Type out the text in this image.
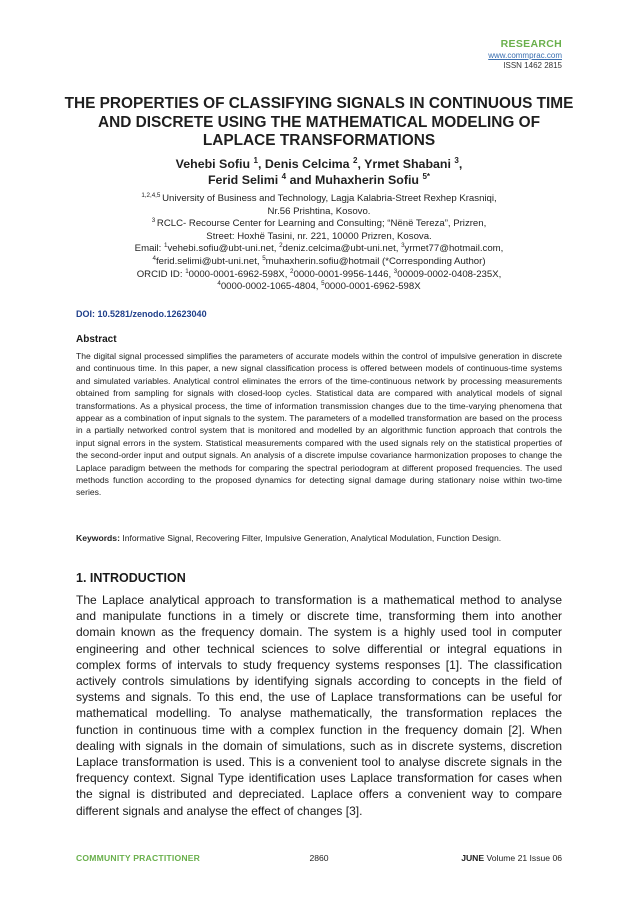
RESEARCH
www.commprac.com
ISSN 1462 2815
THE PROPERTIES OF CLASSIFYING SIGNALS IN CONTINUOUS TIME AND DISCRETE USING THE MATHEMATICAL MODELING OF LAPLACE TRANSFORMATIONS
Vehebi Sofiu $^1$, Denis Celcima $^2$, Yrmet Shabani $^3$,
Ferid Selimi $^4$ and Muhaxherin Sofiu $^{5*}$
$^{1,2,4,5}$ University of Business and Technology, Lagja Kalabria-Street Rexhep Krasniqi,
Nr.56 Prishtina, Kosovo.
$^3$ RCLC- Recourse Center for Learning and Consulting; “Nënë Tereza”, Prizren,
Street: Hoxhë Tasini, nr. 221, 10000 Prizren, Kosova.
Email: $^1$vehebi.sofiu@ubt-uni.net, $^2$deniz.celcima@ubt-uni.net, $^3$yrmet77@hotmail.com,
$^4$ferid.selimi@ubt-uni.net, $^5$muhaxherin.sofiu@hotmail (*Corresponding Author)
ORCID ID: $^1$0000-0001-6962-598X, $^2$0000-0001-9956-1446, $^3$00009-0002-0408-235X,
$^4$0000-0002-1065-4804, $^5$0000-0001-6962-598X
DOI: 10.5281/zenodo.12623040
Abstract
The digital signal processed simplifies the parameters of accurate models within the control of impulsive generation in discrete and continuous time. In this paper, a new signal classification process is offered between models of continuous-time systems and simulated variables. Analytical control eliminates the errors of the time-continuous network by processing measurements obtained from sampling for signals with closed-loop cycles. Statistical data are compared with analytical models of signal transformations. As a physical process, the time of information transmission changes due to the time-varying phenomena that appear as a combination of input signals to the system. The parameters of a modelled transformation are based on the process in a partially networked control system that is monitored and modelled by an algorithmic function approach that controls the input signal errors in the system. Statistical measurements compared with the used signals rely on the statistical properties of the second-order input and output signals. An analysis of a discrete impulse covariance harmonization proposes to change the Laplace paradigm between the methods for comparing the spectral periodogram at different proposed frequencies. The used methods function according to the proposed dynamics for detecting signal damage during stationary noise within two-time series.
Keywords: Informative Signal, Recovering Filter, Impulsive Generation, Analytical Modulation, Function Design.
1. INTRODUCTION
The Laplace analytical approach to transformation is a mathematical method to analyse and manipulate functions in a timely or discrete time, transforming them into another domain known as the frequency domain. The system is a highly used tool in computer engineering and other technical sciences to solve differential or integral equations in complex forms of intervals to study frequency systems responses [1]. The classification actively controls simulations by identifying signals according to concepts in the field of systems and signals. To this end, the use of Laplace transformations can be useful for mathematical modelling. To analyse mathematically, the transformation replaces the function in continuous time with a complex function in the frequency domain [2]. When dealing with signals in the domain of simulations, such as in discrete systems, discretion Laplace transformation is used. This is a convenient tool to analyse discrete signals in the frequency context. Signal Type identification uses Laplace transformation for cases when the signal is distributed and depreciated. Laplace offers a convenient way to compare different signals and analyse the effect of changes [3].
COMMUNITY PRACTITIONER	2860	JUNE Volume 21 Issue 06
